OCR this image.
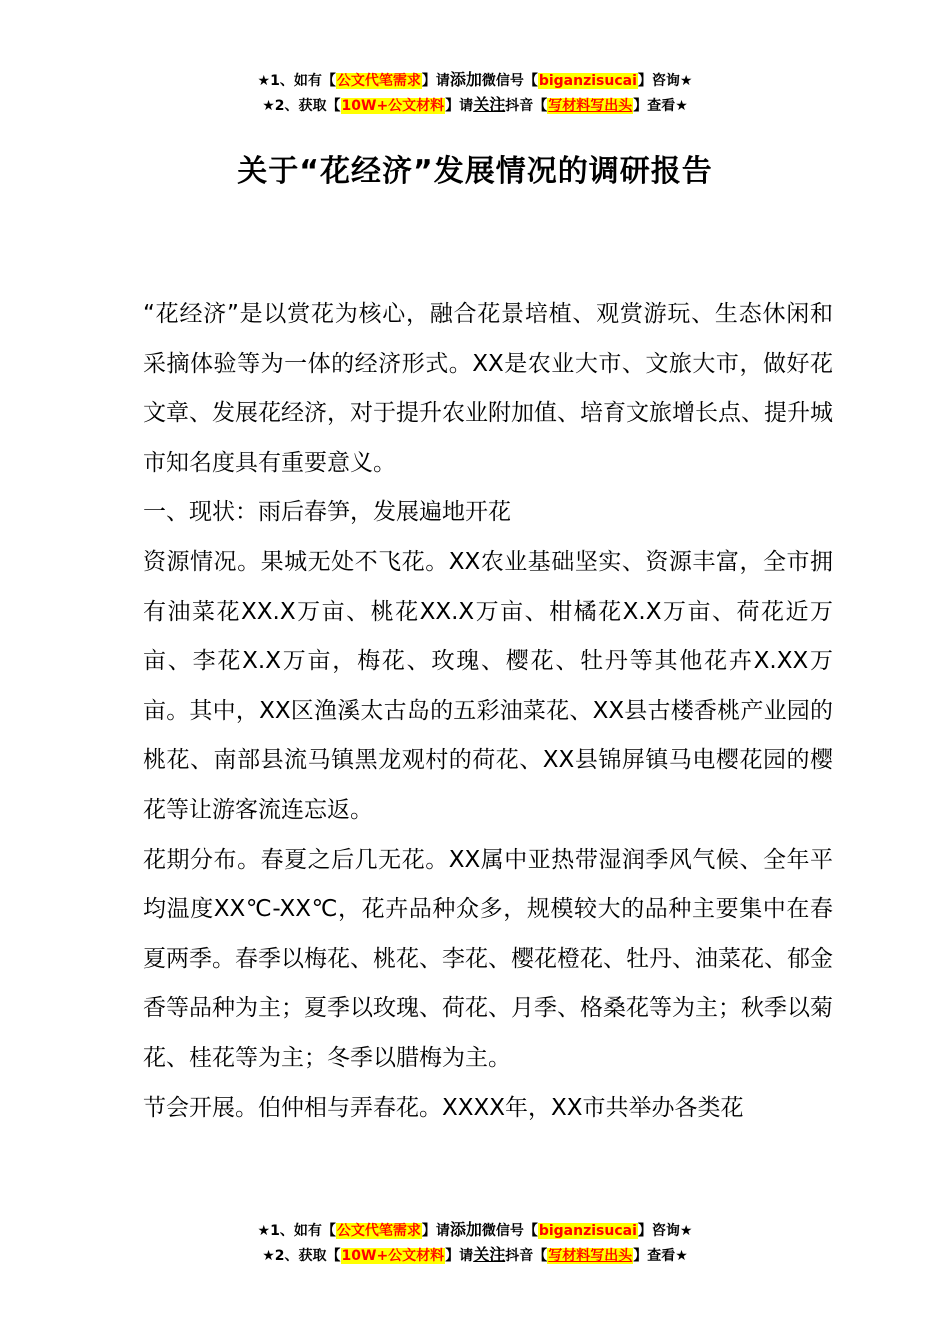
★1、如有【公文代笔需求】请添加微信号【biganzisucai】咨询★
★2、获取【10W+公文材料】请关注抖音【写材料写出头】查看★
关于“花经济”发展情况的调研报告

“花经济”是以赏花为核心，融合花景培植、观赏游玩、生态休闲和采摘体验等为一体的经济形式。XX是农业大市、文旅大市，做好花文章、发展花经济，对于提升农业附加值、培育文旅增长点、提升城市知名度具有重要意义。

一、现状：雨后春笋，发展遍地开花

资源情况。果城无处不飞花。XX农业基础坚实、资源丰富，全市拥有油菜花XX.X万亩、桃花XX.X万亩、柑橘花X.X万亩、荷花近万亩、李花X.X万亩，梅花、玫瑰、樱花、牡丹等其他花卉X.XX万亩。其中，XX区渔溪太古岛的五彩油菜花、XX县古楼香桃产业园的桃花、南部县流马镇黑龙观村的荷花、XX县锦屏镇马电樱花园的樱花等让游客流连忘返。

花期分布。春夏之后几无花。XX属中亚热带湿润季风气候、全年平均温度XX℃-XX℃，花卉品种众多，规模较大的品种主要集中在春夏两季。春季以梅花、桃花、李花、樱花橙花、牡丹、油菜花、郁金香等品种为主；夏季以玫瑰、荷花、月季、格桑花等为主；秋季以菊花、桂花等为主；冬季以腊梅为主。

节会开展。伯仲相与弄春花。XXXX年，XX市共举办各类花

★1、如有【公文代笔需求】请添加微信号【biganzisucai】咨询★
★2、获取【10W+公文材料】请关注抖音【写材料写出头】查看★
